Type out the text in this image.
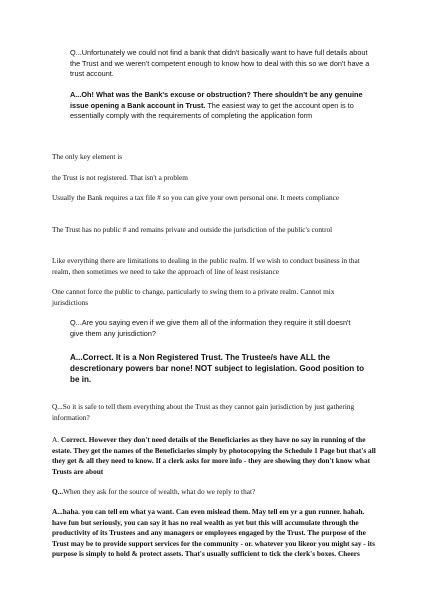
Q...Unfortunately we could not find a bank that didn't basically want to have full details about the Trust and we weren't competent enough to know how to deal with this so we don't have a trust account.

A...Oh! What was the Bank's excuse or obstruction? There shouldn't be any genuine issue opening a Bank account in Trust. The easiest way to get the account open is to essentially comply with the requirements of completing the application form

The only key element is

the Trust is not registered. That isn't a problem

Usually the Bank requires a tax file # so you can give your own personal one. It meets compliance

The Trust has no public # and remains private and outside the jurisdiction of the public's control

Like everything there are limitations to dealing in the public realm. If we wish to conduct business in that realm, then sometimes we need to take the approach of line of least resistance

One cannot force the public to change, particularly to swing them to a private realm. Cannot mix jurisdictions

Q...Are you saying even if we give them all of the information they require it still doesn't give them any jurisdiction?

A...Correct. It is a Non Registered Trust. The Trustee/s have ALL the descretionary powers bar none! NOT subject to legislation. Good position to be in.

Q...So it is safe to tell them everything about the Trust as they cannot gain jurisdiction by just gathering information?

A. Correct. However they don't need details of the Beneficiaries as they have no say in running of the estate. They get the names of the Beneficiaries simply by photocopying the Schedule 1 Page but that's all they get & all they need to know. If a clerk asks for more info - they are showing they don't know what Trusts are about

Q...When they ask for the source of wealth, what do we reply to that?

A...haha. you can tell em what ya want. Can even mislead them. May tell em yr a gun runner. hahah. have fun but seriously, you can say it has no real wealth as yet but this will accumulate through the productivity of its Trustees and any managers or employees engaged by the Trust. The purpose of the Trust may be to provide support services for the community - or. whatever you likeor you might say - its purpose is simply to hold & protect assets. That's usually sufficient to tick the clerk's boxes. Cheers
